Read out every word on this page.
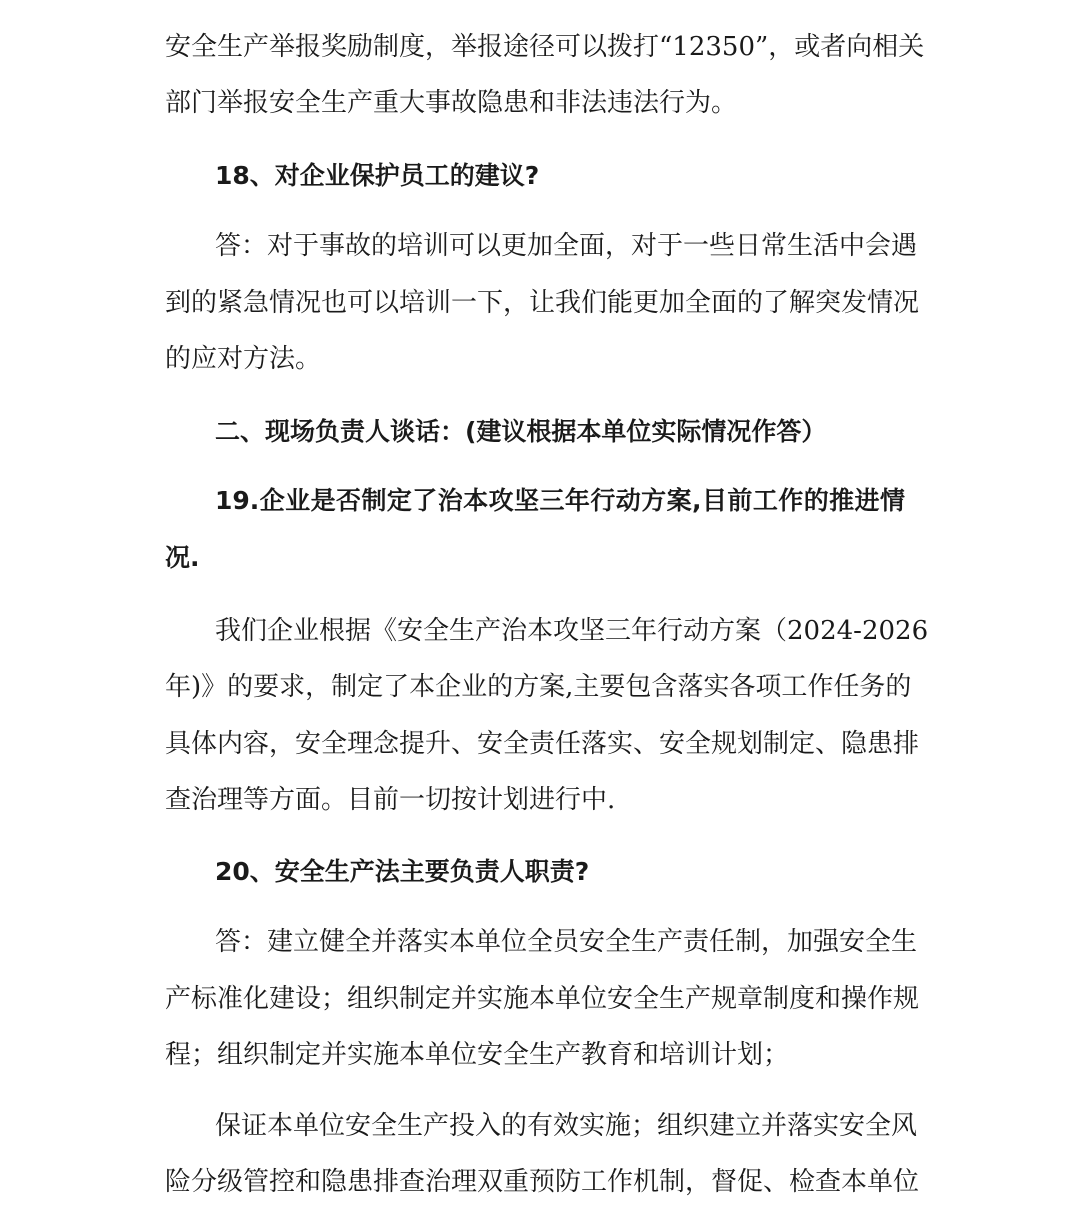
安全生产举报奖励制度，举报途径可以拨打“12350”，或者向相关
部门举报安全生产重大事故隐患和非法违法行为。
18、对企业保护员工的建议?
答：对于事故的培训可以更加全面，对于一些日常生活中会遇
到的紧急情况也可以培训一下，让我们能更加全面的了解突发情况
的应对方法。
二、现场负责人谈话：(建议根据本单位实际情况作答）
19.企业是否制定了治本攻坚三年行动方案,目前工作的推进情
况.
我们企业根据《安全生产治本攻坚三年行动方案（2024-2026
年)》的要求，制定了本企业的方案,主要包含落实各项工作任务的
具体内容，安全理念提升、安全责任落实、安全规划制定、隐患排
查治理等方面。目前一切按计划进行中.
20、安全生产法主要负责人职责?
答：建立健全并落实本单位全员安全生产责任制，加强安全生
产标准化建设；组织制定并实施本单位安全生产规章制度和操作规
程；组织制定并实施本单位安全生产教育和培训计划；
保证本单位安全生产投入的有效实施；组织建立并落实安全风
险分级管控和隐患排查治理双重预防工作机制，督促、检查本单位
